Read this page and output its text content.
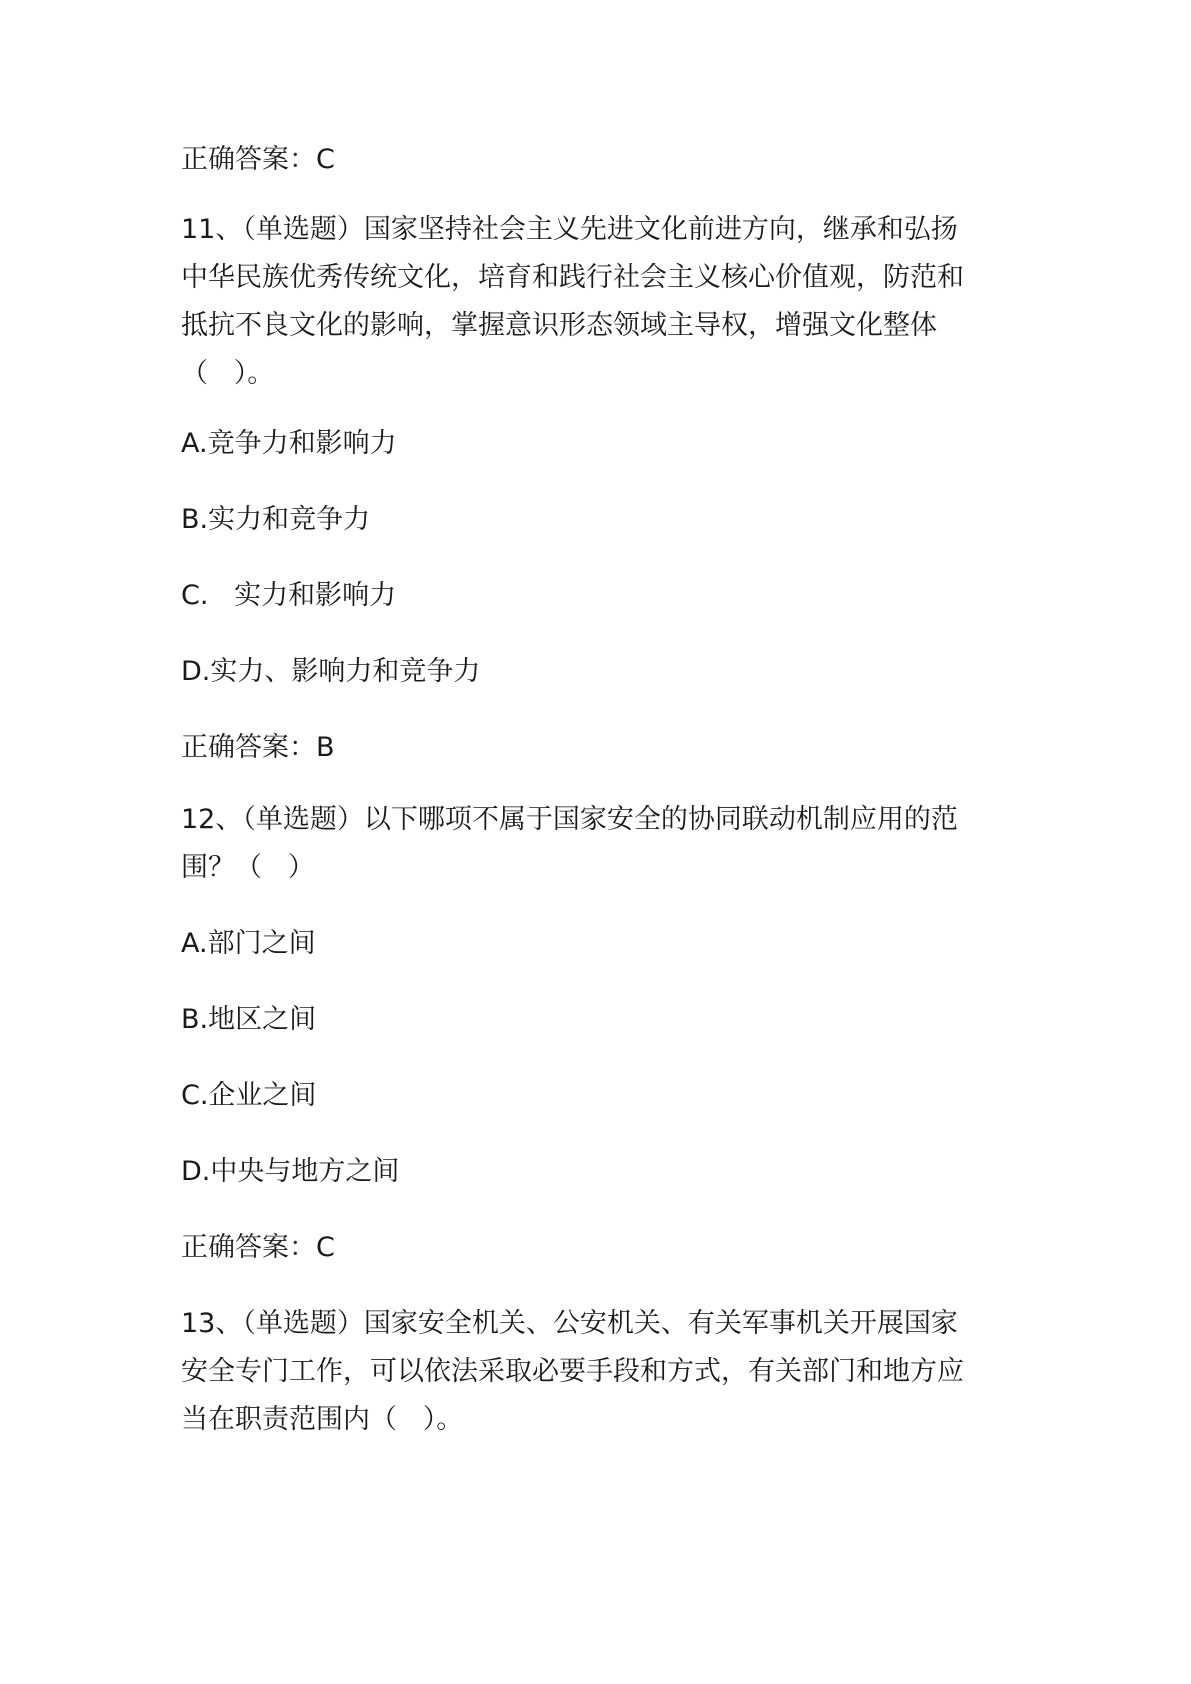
正确答案：C

11、（单选题）国家坚持社会主义先进文化前进方向，继承和弘扬

中华民族优秀传统文化，培育和践行社会主义核心价值观，防范和

抵抗不良文化的影响，掌握意识形态领域主导权，增强文化整体

（   ）。

A.竞争力和影响力

B.实力和竞争力

C.   实力和影响力

D.实力、影响力和竞争力

正确答案：B

12、（单选题）以下哪项不属于国家安全的协同联动机制应用的范

围？（   ）

A.部门之间

B.地区之间

C.企业之间

D.中央与地方之间

正确答案：C

13、（单选题）国家安全机关、公安机关、有关军事机关开展国家

安全专门工作，可以依法采取必要手段和方式，有关部门和地方应

当在职责范围内（   ）。
